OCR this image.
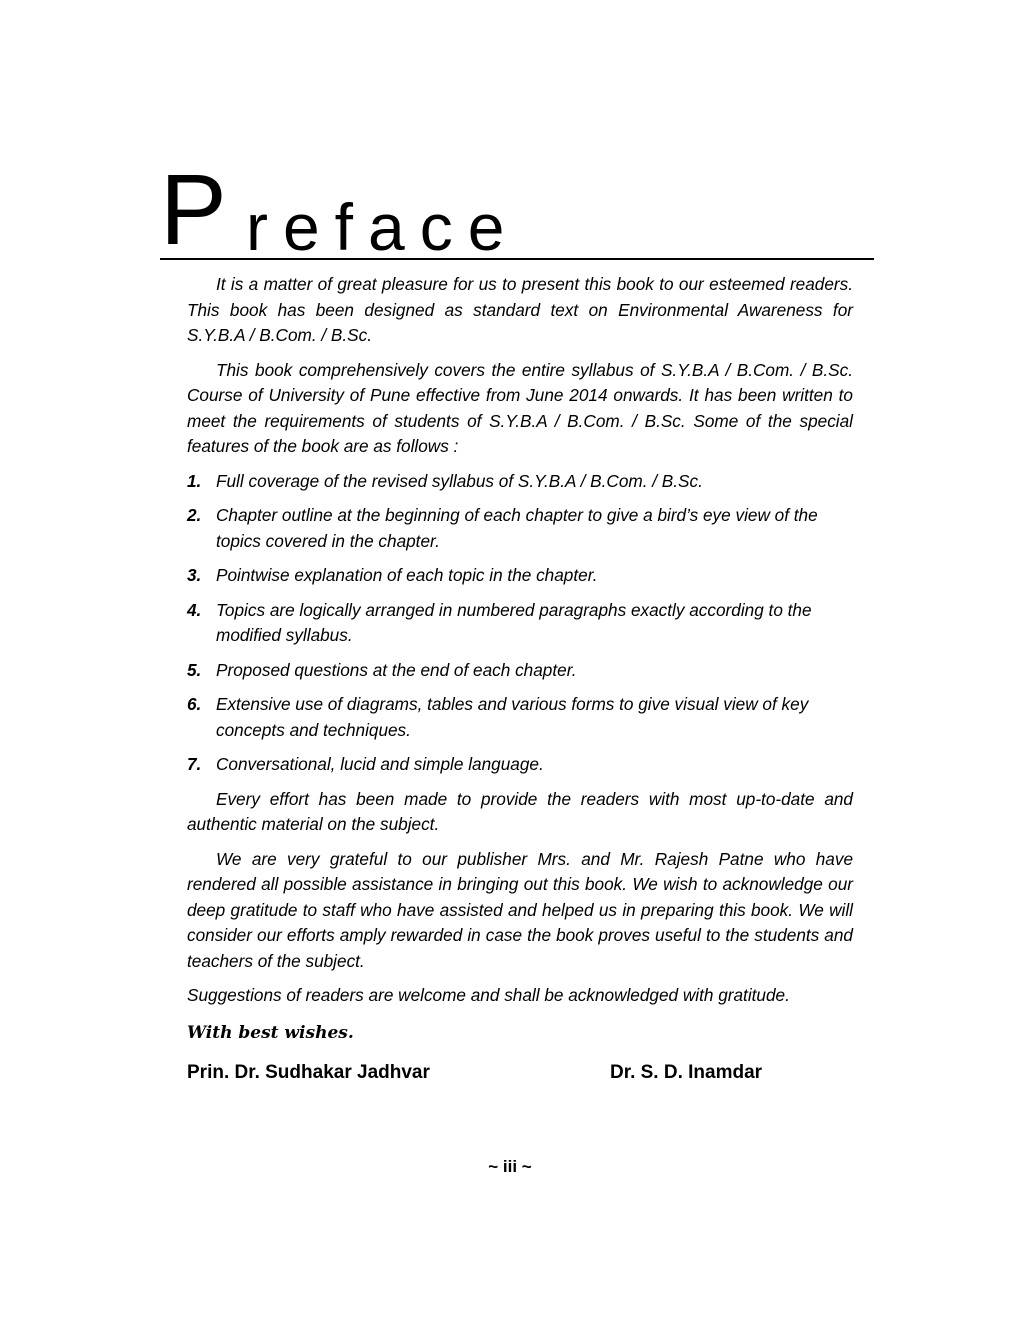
P reface

It is a matter of great pleasure for us to present this book to our esteemed readers. This book has been designed as standard text on Environmental Awareness for S.Y.B.A / B.Com. / B.Sc.

This book comprehensively covers the entire syllabus of S.Y.B.A / B.Com. / B.Sc. Course of University of Pune effective from June 2014 onwards. It has been written to meet the requirements of students of S.Y.B.A / B.Com. / B.Sc. Some of the special features of the book are as follows :

1. Full coverage of the revised syllabus of S.Y.B.A / B.Com. / B.Sc.
2. Chapter outline at the beginning of each chapter to give a bird’s eye view of the topics covered in the chapter.
3. Pointwise explanation of each topic in the chapter.
4. Topics are logically arranged in numbered paragraphs exactly according to the modified syllabus.
5. Proposed questions at the end of each chapter.
6. Extensive use of diagrams, tables and various forms to give visual view of key concepts and techniques.
7. Conversational, lucid and simple language.

Every effort has been made to provide the readers with most up-to-date and authentic material on the subject.

We are very grateful to our publisher Mrs. and Mr. Rajesh Patne who have rendered all possible assistance in bringing out this book. We wish to acknowledge our deep gratitude to staff who have assisted and helped us in preparing this book. We will consider our efforts amply rewarded in case the book proves useful to the students and teachers of the subject.

Suggestions of readers are welcome and shall be acknowledged with gratitude.

With best wishes.
Prin. Dr. Sudhakar Jadhvar	Dr. S. D. Inamdar
~ iii ~
